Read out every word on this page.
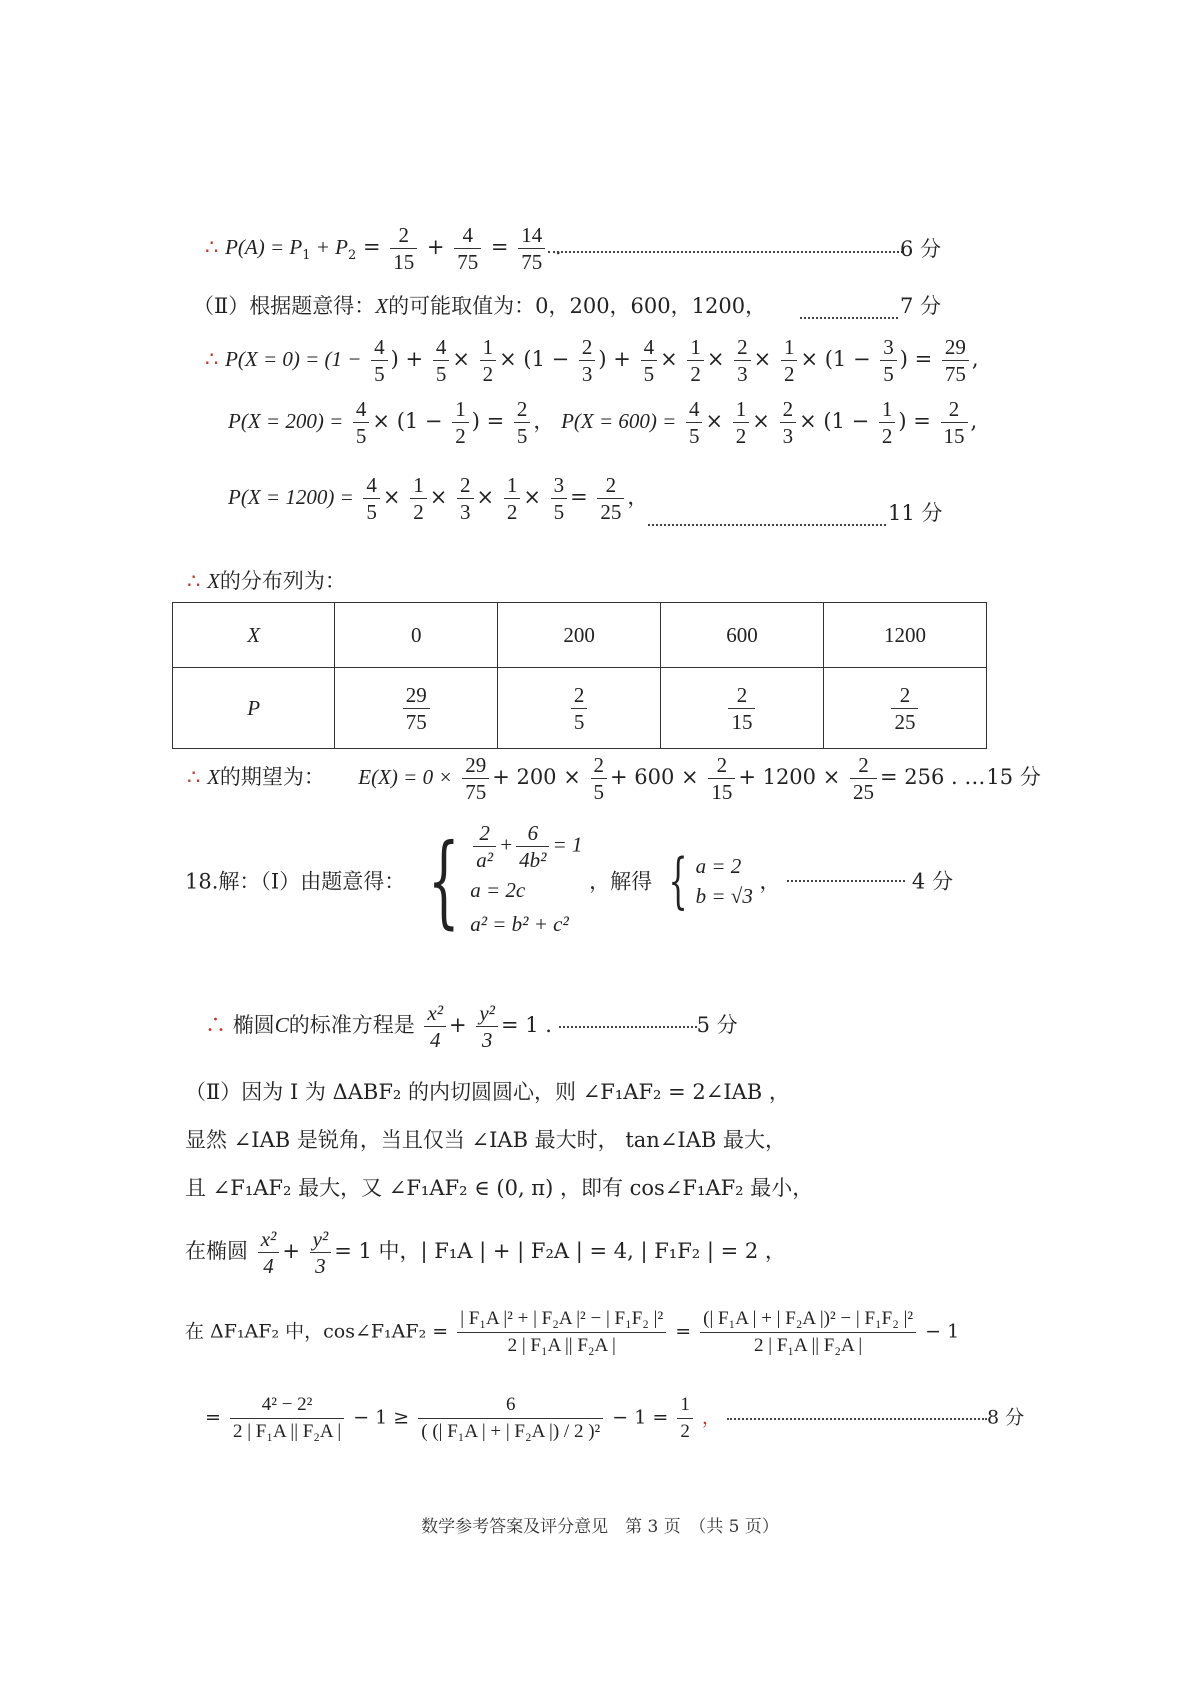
∴ $P(A) = P_1 + P_2 = \frac{2}{15} + \frac{4}{75} = \frac{14}{75}$ .	6 分
（Ⅱ）根据题意得：X的可能取值为：0，200，600，1200，	7 分
∴ $P(X = 0) = (1 - \frac{4}{5}$ ) + $\frac{4}{5} \times \frac{1}{2} \times (1 - \frac{2}{3}$ ) + $\frac{4}{5} \times \frac{1}{2} \times \frac{2}{3} \times \frac{1}{2} \times (1 - \frac{3}{5}$ ) = $\frac{29}{75}$ ,
$P(X = 200) = \frac{4}{5} \times (1 - \frac{1}{2}$ ) = $\frac{2}{5}$ ， $P(X = 600) = \frac{4}{5} \times \frac{1}{2} \times \frac{2}{3} \times (1 - \frac{1}{2}$ ) = $\frac{2}{15}$ ,
$P(X = 1200) = \frac{4}{5} \times \frac{1}{2} \times \frac{2}{3} \times \frac{1}{2} \times \frac{3}{5} = \frac{2}{25}$ ，
11 分
∴ X的分布列为：
X	0	200	600	1200
P	$\frac{29}{75}$	$\frac{2}{5}$	$\frac{2}{15}$	$\frac{2}{25}$
∴ X的期望为： $E(X) = 0 \times \frac{29}{75} + 200 \times \frac{2}{5} + 600 \times \frac{2}{15} + 1200 \times \frac{2}{25} = 256$ . …15 分
18.解：（Ⅰ）由题意得： { $\frac{2}{\text{a²}} + \frac{6}{\text{4b²}} = 1$
a = 2c
a² = b² + c²
，解得 { a = 2
b = √3
，	4 分
∴ 椭圆C的标准方程是 $\frac{\text{x²}}{4} + \frac{\text{y²}}{3} = 1$ .	5 分
（Ⅱ）因为 I 为 ΔABF₂ 的内切圆圆心，则 ∠F₁AF₂ = 2∠IAB ，
显然 ∠IAB 是锐角，当且仅当 ∠IAB 最大时， tan∠IAB 最大，
且 ∠F₁AF₂ 最大，又 ∠F₁AF₂ ∈ (0, π) ，即有 cos∠F₁AF₂ 最小，
在椭圆 $\frac{\text{x²}}{4} + \frac{\text{y²}}{3} = 1$ 中，| F₁A | + | F₂A | = 4, | F₁F₂ | = 2 ，
在 ΔF₁AF₂ 中，cos∠F₁AF₂ = $\frac{\text{| F₁A |² + | F₂A |² − | F₁F₂ |²}}{\text{2 | F₁A || F₂A |}} = \frac{\text{(| F₁A | + | F₂A |)² − | F₁F₂ |²}}{\text{2 | F₁A || F₂A |}} - 1$
= $\frac{\text{4² − 2²}}{\text{2 | F₁A || F₂A |}} - 1 \ge \frac{6}{\text{( (| F₁A | + | F₂A |) / 2 )²}} - 1 = \frac{1}{2}$ ，	8 分
数学参考答案及评分意见　第 3 页　（共 5 页）
